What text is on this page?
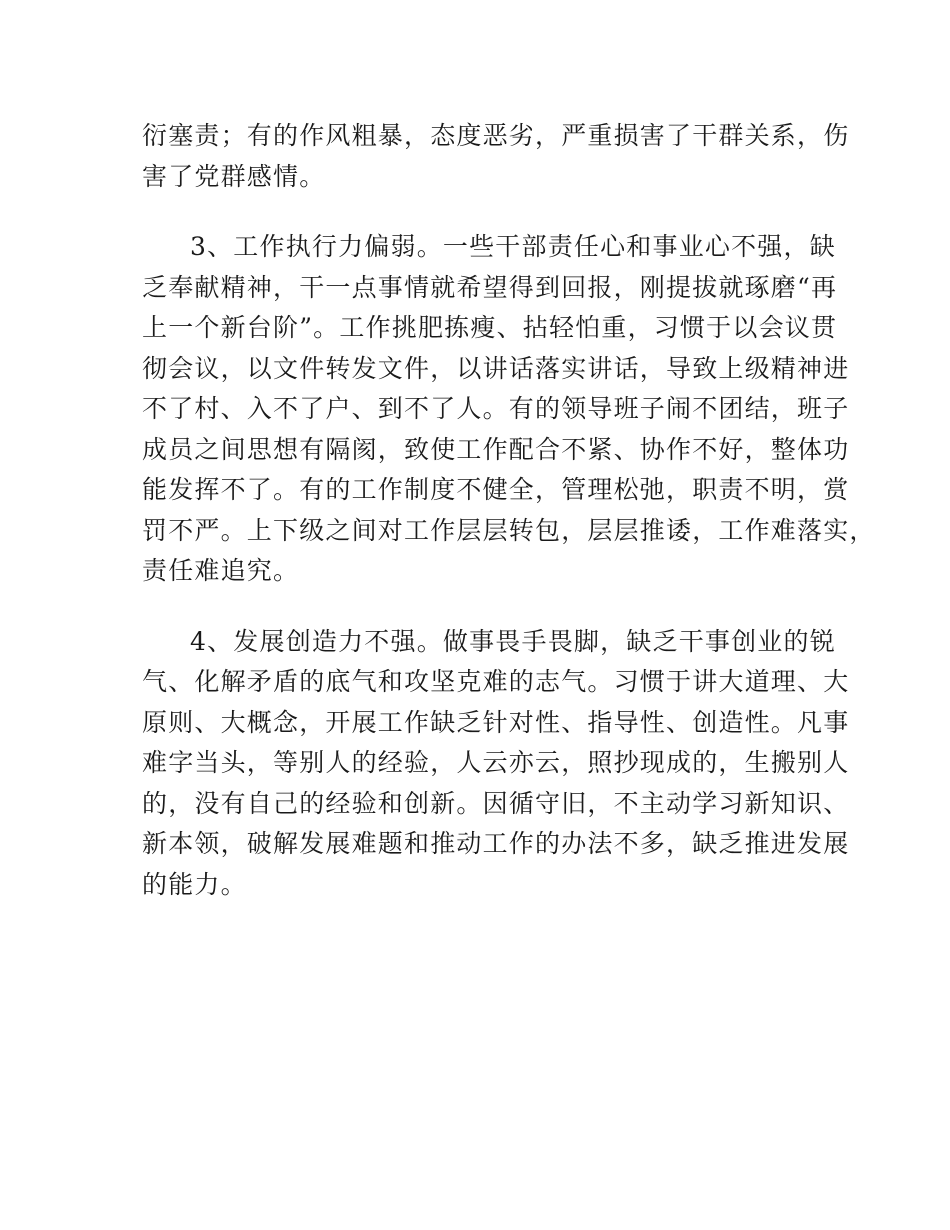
衍塞责；有的作风粗暴，态度恶劣，严重损害了干群关系，伤
害了党群感情。

3、工作执行力偏弱。一些干部责任心和事业心不强，缺
乏奉献精神，干一点事情就希望得到回报，刚提拔就琢磨“再
上一个新台阶”。工作挑肥拣瘦、拈轻怕重，习惯于以会议贯
彻会议，以文件转发文件，以讲话落实讲话，导致上级精神进
不了村、入不了户、到不了人。有的领导班子闹不团结，班子
成员之间思想有隔阂，致使工作配合不紧、协作不好，整体功
能发挥不了。有的工作制度不健全，管理松弛，职责不明，赏
罚不严。上下级之间对工作层层转包，层层推诿，工作难落实，
责任难追究。

4、发展创造力不强。做事畏手畏脚，缺乏干事创业的锐
气、化解矛盾的底气和攻坚克难的志气。习惯于讲大道理、大
原则、大概念，开展工作缺乏针对性、指导性、创造性。凡事
难字当头，等别人的经验，人云亦云，照抄现成的，生搬别人
的，没有自己的经验和创新。因循守旧，不主动学习新知识、
新本领，破解发展难题和推动工作的办法不多，缺乏推进发展
的能力。
